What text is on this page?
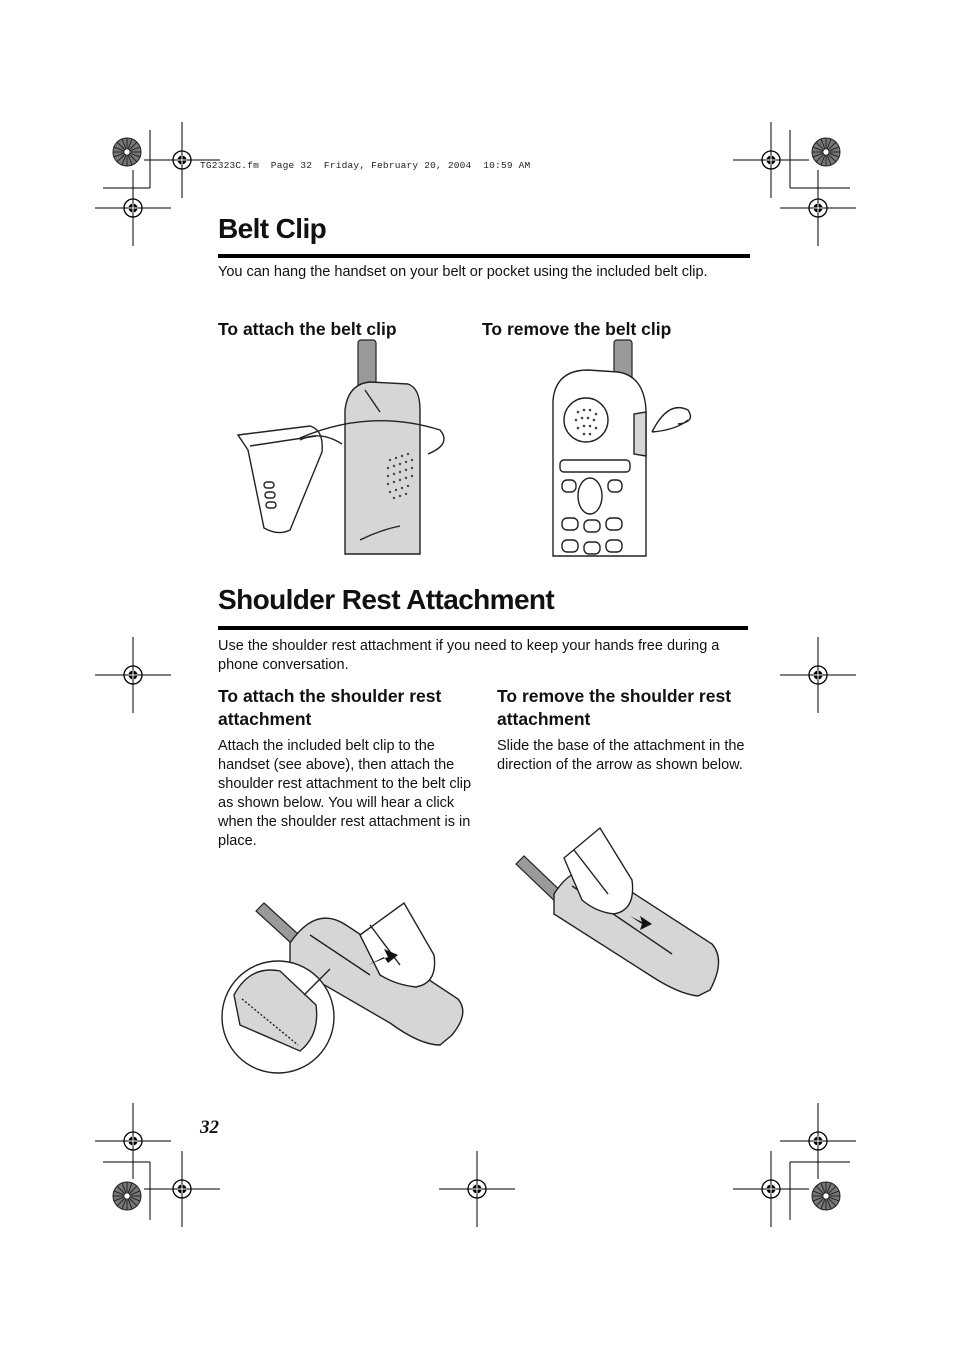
TG2323C.fm  Page 32  Friday, February 20, 2004  10:59 AM
Belt Clip

You can hang the handset on your belt or pocket using the included belt clip.

To attach the belt clip	To remove the belt clip
Shoulder Rest Attachment

Use the shoulder rest attachment if you need to keep your hands free during a phone conversation.

To attach the shoulder rest attachment

Attach the included belt clip to the handset (see above), then attach the shoulder rest attachment to the belt clip as shown below. You will hear a click when the shoulder rest attachment is in place.

To remove the shoulder rest attachment

Slide the base of the attachment in the direction of the arrow as shown below.

32
